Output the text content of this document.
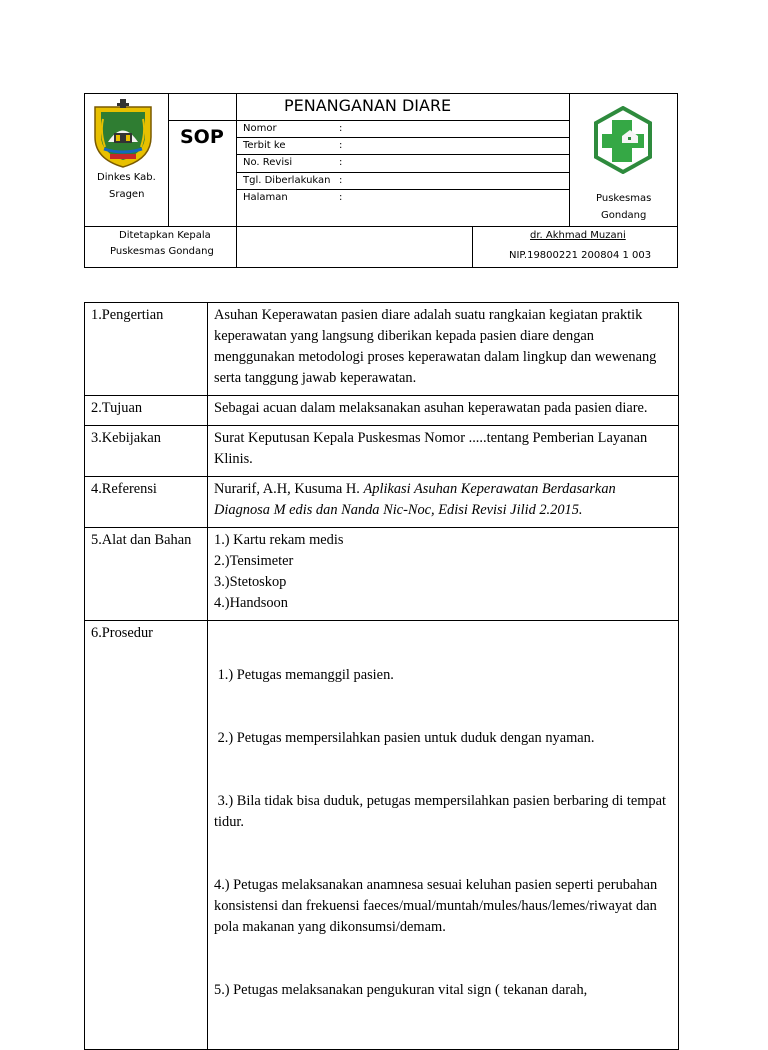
Dinkes Kab.
Sragen
PENANGANAN DIARE
SOP Nomor	:
Terbit ke	:
No. Revisi	:
Tgl. Diberlakukan :
Halaman	:	Puskesmas
Gondang
Ditetapkan Kepala
Puskesmas Gondang
dr. Akhmad Muzani
NIP.19800221 200804 1 003
1.Pengertian	Asuhan Keperawatan pasien diare adalah suatu rangkaian kegiatan praktik keperawatan yang langsung diberikan kepada pasien diare dengan menggunakan metodologi proses keperawatan dalam lingkup dan wewenang serta tanggung jawab keperawatan.
2.Tujuan	Sebagai acuan dalam melaksanakan asuhan keperawatan pada pasien diare.
3.Kebijakan	Surat Keputusan Kepala Puskesmas Nomor .....tentang Pemberian Layanan Klinis.
4.Referensi	Nurarif, A.H, Kusuma H. Aplikasi Asuhan Keperawatan Berdasarkan Diagnosa M edis dan Nanda Nic-Noc, Edisi Revisi Jilid 2.2015.
5.Alat dan Bahan	1.) Kartu rekam medis

2.)Tensimeter

3.)Stetoskop

4.)Handsoon

6.Prosedur	1.) Petugas memanggil pasien.

2.) Petugas mempersilahkan pasien untuk duduk dengan nyaman.

3.) Bila tidak bisa duduk, petugas mempersilahkan pasien berbaring di tempat tidur.

4.) Petugas melaksanakan anamnesa sesuai keluhan pasien seperti perubahan konsistensi dan frekuensi faeces/mual/muntah/mules/haus/lemes/riwayat dan pola makanan yang dikonsumsi/demam.

5.) Petugas melaksanakan pengukuran vital sign ( tekanan darah,
